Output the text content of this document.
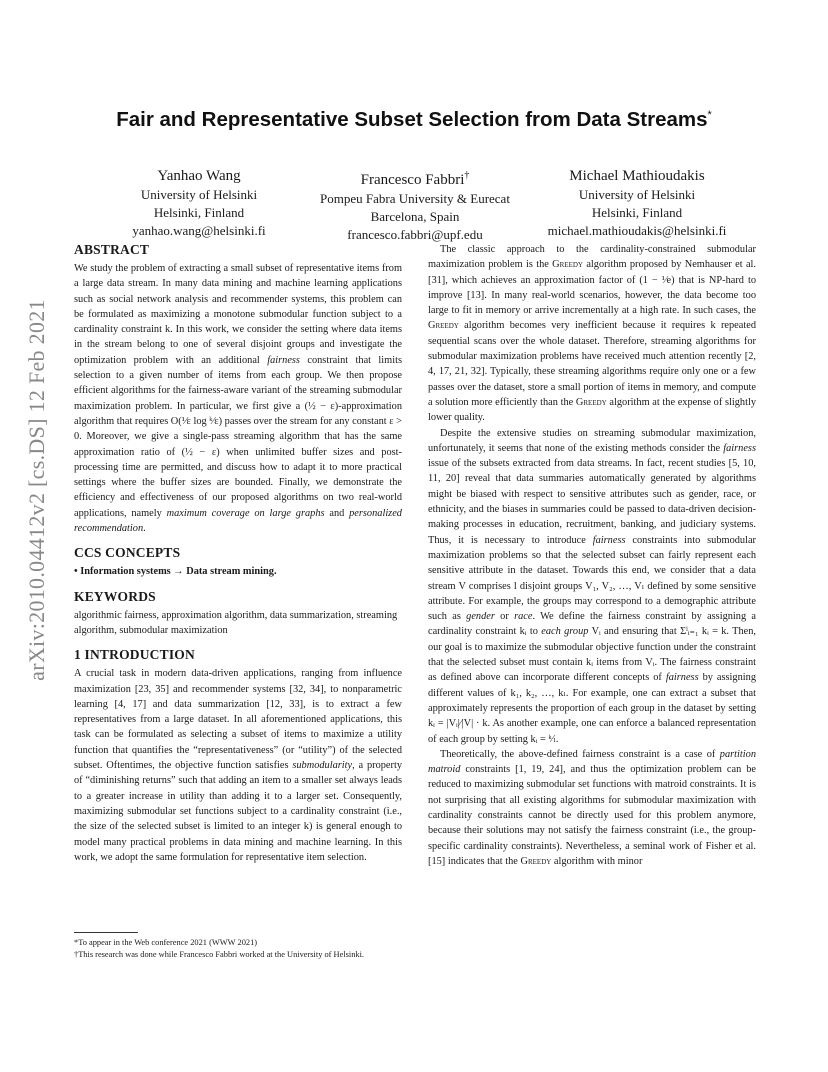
arXiv:2010.04412v2 [cs.DS] 12 Feb 2021
Fair and Representative Subset Selection from Data Streams*
Yanhao Wang
University of Helsinki
Helsinki, Finland
yanhao.wang@helsinki.fi
Francesco Fabbri†
Pompeu Fabra University & Eurecat
Barcelona, Spain
francesco.fabbri@upf.edu
Michael Mathioudakis
University of Helsinki
Helsinki, Finland
michael.mathioudakis@helsinki.fi
ABSTRACT

We study the problem of extracting a small subset of representative items from a large data stream. In many data mining and machine learning applications such as social network analysis and recommender systems, this problem can be formulated as maximizing a monotone submodular function subject to a cardinality constraint k. In this work, we consider the setting where data items in the stream belong to one of several disjoint groups and investigate the optimization problem with an additional fairness constraint that limits selection to a given number of items from each group. We then propose efficient algorithms for the fairness-aware variant of the streaming submodular maximization problem. In particular, we first give a (½ − ε)-approximation algorithm that requires O(¹⁄ε log ᵏ⁄ε) passes over the stream for any constant ε > 0. Moreover, we give a single-pass streaming algorithm that has the same approximation ratio of (½ − ε) when unlimited buffer sizes and post-processing time are permitted, and discuss how to adapt it to more practical settings where the buffer sizes are bounded. Finally, we demonstrate the efficiency and effectiveness of our proposed algorithms on two real-world applications, namely maximum coverage on large graphs and personalized recommendation.

CCS CONCEPTS

• Information systems → Data stream mining.

KEYWORDS

algorithmic fairness, approximation algorithm, data summarization, streaming algorithm, submodular maximization

1 INTRODUCTION

A crucial task in modern data-driven applications, ranging from influence maximization [23, 35] and recommender systems [32, 34], to nonparametric learning [4, 17] and data summarization [12, 33], is to extract a few representatives from a large dataset. In all aforementioned applications, this task can be formulated as selecting a subset of items to maximize a utility function that quantifies the “representativeness” (or “utility”) of the selected subset. Oftentimes, the objective function satisfies submodularity, a property of “diminishing returns” such that adding an item to a smaller set always leads to a greater increase in utility than adding it to a larger set. Consequently, maximizing submodular set functions subject to a cardinality constraint (i.e., the size of the selected subset is limited to an integer k) is general enough to model many practical problems in data mining and machine learning. In this work, we adopt the same formulation for representative item selection.

*To appear in the Web conference 2021 (WWW 2021)
†This research was done while Francesco Fabbri worked at the University of Helsinki.

The classic approach to the cardinality-constrained submodular maximization problem is the Greedy algorithm proposed by Nemhauser et al. [31], which achieves an approximation factor of (1 − ¹⁄e) that is NP-hard to improve [13]. In many real-world scenarios, however, the data become too large to fit in memory or arrive incrementally at a high rate. In such cases, the Greedy algorithm becomes very inefficient because it requires k repeated sequential scans over the whole dataset. Therefore, streaming algorithms for submodular maximization problems have received much attention recently [2, 4, 17, 21, 32]. Typically, these streaming algorithms require only one or a few passes over the dataset, store a small portion of items in memory, and compute a solution more efficiently than the Greedy algorithm at the expense of slightly lower quality.

Despite the extensive studies on streaming submodular maximization, unfortunately, it seems that none of the existing methods consider the fairness issue of the subsets extracted from data streams. In fact, recent studies [5, 10, 11, 20] reveal that data summaries automatically generated by algorithms might be biased with respect to sensitive attributes such as gender, race, or ethnicity, and the biases in summaries could be passed to data-driven decision-making processes in education, recruitment, banking, and judiciary systems. Thus, it is necessary to introduce fairness constraints into submodular maximization problems so that the selected subset can fairly represent each sensitive attribute in the dataset. Towards this end, we consider that a data stream V comprises l disjoint groups V₁, V₂, …, Vₗ defined by some sensitive attribute. For example, the groups may correspond to a demographic attribute such as gender or race. We define the fairness constraint by assigning a cardinality constraint kᵢ to each group Vᵢ and ensuring that Σˡᵢ₌₁ kᵢ = k. Then, our goal is to maximize the submodular objective function under the constraint that the selected subset must contain kᵢ items from Vᵢ. The fairness constraint as defined above can incorporate different concepts of fairness by assigning different values of k₁, k₂, …, kₗ. For example, one can extract a subset that approximately represents the proportion of each group in the dataset by setting kᵢ = |Vᵢ|⁄|V| · k. As another example, one can enforce a balanced representation of each group by setting kᵢ = ᵏ⁄ₗ.

Theoretically, the above-defined fairness constraint is a case of partition matroid constraints [1, 19, 24], and thus the optimization problem can be reduced to maximizing submodular set functions with matroid constraints. It is not surprising that all existing algorithms for submodular maximization with cardinality constraints cannot be directly used for this problem anymore, because their solutions may not satisfy the fairness constraint (i.e., the group-specific cardinality constraints). Nevertheless, a seminal work of Fisher et al. [15] indicates that the Greedy algorithm with minor
